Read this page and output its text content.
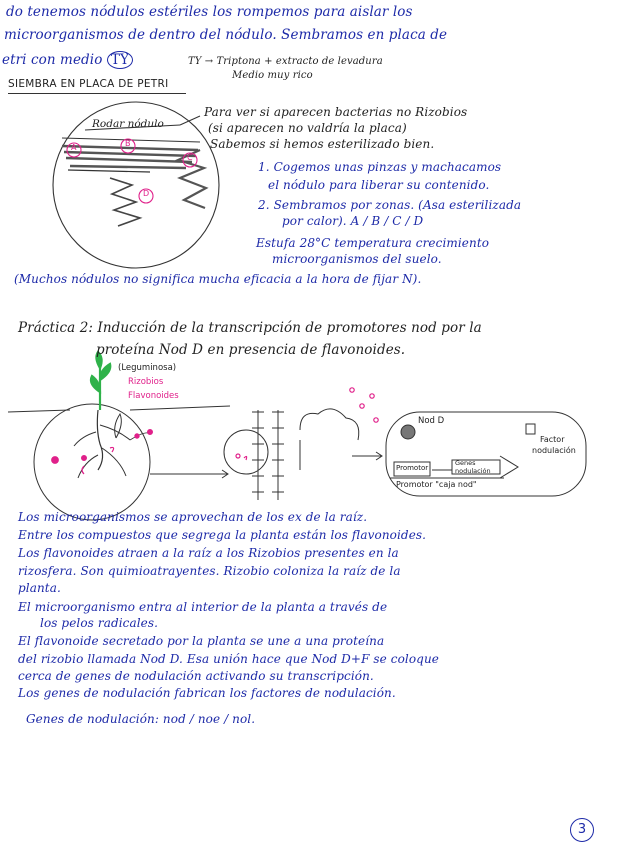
do tenemos nódulos estériles los rompemos para aislar los
microorganismos de dentro del nódulo. Sembramos en placa de
etri con medio TY	TY → Triptona + extracto de levadura
Medio muy rico
SIEMBRA EN PLACA DE PETRI
Rodar nódulo
A	B
C
D
Para ver si aparecen bacterias no Rizobios
(si aparecen no valdría la placa)
Sabemos si hemos esterilizado bien.
1. Cogemos unas pinzas y machacamos
el nódulo para liberar su contenido.
2. Sembramos por zonas. (Asa esterilizada
por calor). A / B / C / D
Estufa 28°C temperatura crecimiento
microorganismos del suelo.
(Muchos nódulos no significa mucha eficacia a la hora de fijar N).
Práctica 2: Inducción de la transcripción de promotores nod por la
proteína Nod D en presencia de flavonoides.
(Leguminosa)
Rizobios
Flavonoides
Nod D
Factor
nodulación
Promotor
Genes
nodulación
Promotor "caja nod"
Los microorganismos se aprovechan de los ex de la raíz.
Entre los compuestos que segrega la planta están los flavonoides.
Los flavonoides atraen a la raíz a los Rizobios presentes en la
rizosfera. Son quimioatrayentes. Rizobio coloniza la raíz de la
planta.
El microorganismo entra al interior de la planta a través de
los pelos radicales.
El flavonoide secretado por la planta se une a una proteína
del rizobio llamada Nod D. Esa unión hace que Nod D+F se coloque
cerca de genes de nodulación activando su transcripción.
Los genes de nodulación fabrican los factores de nodulación.
Genes de nodulación: nod / noe / nol.
3
